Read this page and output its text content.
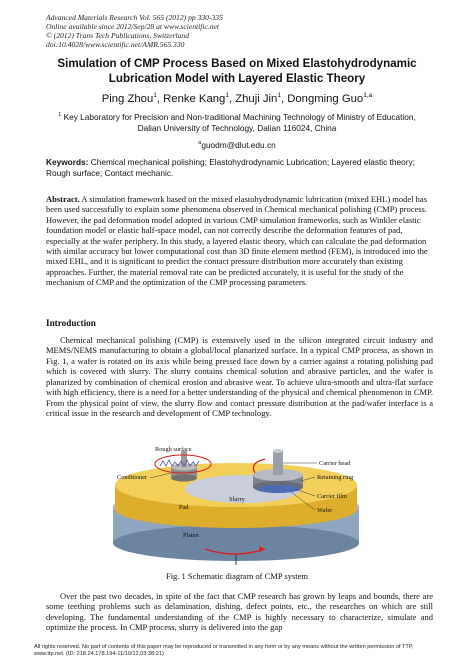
Advanced Materials Research Vol. 565 (2012) pp 330-335
Online available since 2012/Sep/28 at www.scientific.net
© (2012) Trans Tech Publications, Switzerland
doi:10.4028/www.scientific.net/AMR.565.330
Simulation of CMP Process Based on Mixed Elastohydrodynamic
Lubrication Model with Layered Elastic Theory
Ping Zhou$^1$, Renke Kang$^1$, Zhuji Jin$^1$, Dongming Guo$^{1,a}$
$^1$ Key Laboratory for Precision and Non-traditional Machining Technology of Ministry of Education,
Dalian University of Technology, Dalian 116024, China
$^a$guodm@dlut.edu.cn
Keywords: Chemical mechanical polishing; Elastohydrodynamic Lubrication; Layered elastic theory; Rough surface; Contact mechanic.
Abstract. A simulation framework based on the mixed elastohydrodynamic lubrication (mixed EHL) model has been used successfully to explain some phenomena observed in Chemical mechanical polishing (CMP) process. However, the pad deformation model adopted in various CMP simulation frameworks, such as Winkler elastic foundation model or elastic half-space model, can not correctly describe the deformation features of pad, especially at the wafer periphery. In this study, a layered elastic theory, which can calculate the pad deformation with similar accuracy but lower computational cost than 3D finite element method (FEM), is introduced into the mixed EHL, and it is significant to predict the contact pressure distribution more accurately than existing approaches. Further, the material removal rate can be predicted accurately, it is useful for the study of the mechanism of CMP and the optimization of the CMP processing parameters.
Introduction
Chemical mechanical polishing (CMP) is extensively used in the silicon integrated circuit industry and MEMS/NEMS manufacturing to obtain a global/local planarized surface. In a typical CMP process, as shown in Fig. 1, a wafer is rotated on its axis while being pressed face down by a carrier against a rotating polishing pad which is covered with slurry. The slurry contains chemical solution and abrasive particles, and the wafer is planarized by combination of chemical erosion and abrasive wear. To achieve ultra-smooth and ultra-flat surface with high efficiency, there is a need for a better understanding of the physical and chemical phenomenon in CMP. From the physical point of view, the slurry flow and contact pressure distribution at the pad/wafer interface is a critical issue in the research and development of CMP technology.
Rough surface
Conditioner
Carrier head
Retaining ring
Carrier film
Wafer
Slurry
Pad
Platen
Fig. 1 Schematic diagram of CMP system
Over the past two decades, in spite of the fact that CMP research has grown by leaps and bounds, there are some teething problems such as delamination, dishing, defect points, etc., the researches on which are still developing. The fundamental understanding of the CMP is highly necessary to characterize, simulate and optimize the process. In CMP process, slurry is delivered into the gap
All rights reserved. No part of contents of this paper may be reproduced or transmitted in any form or by any means without the written permission of TTP,
www.ttp.net. (ID: 218.24.178.194-11/10/12,03:38:21)
